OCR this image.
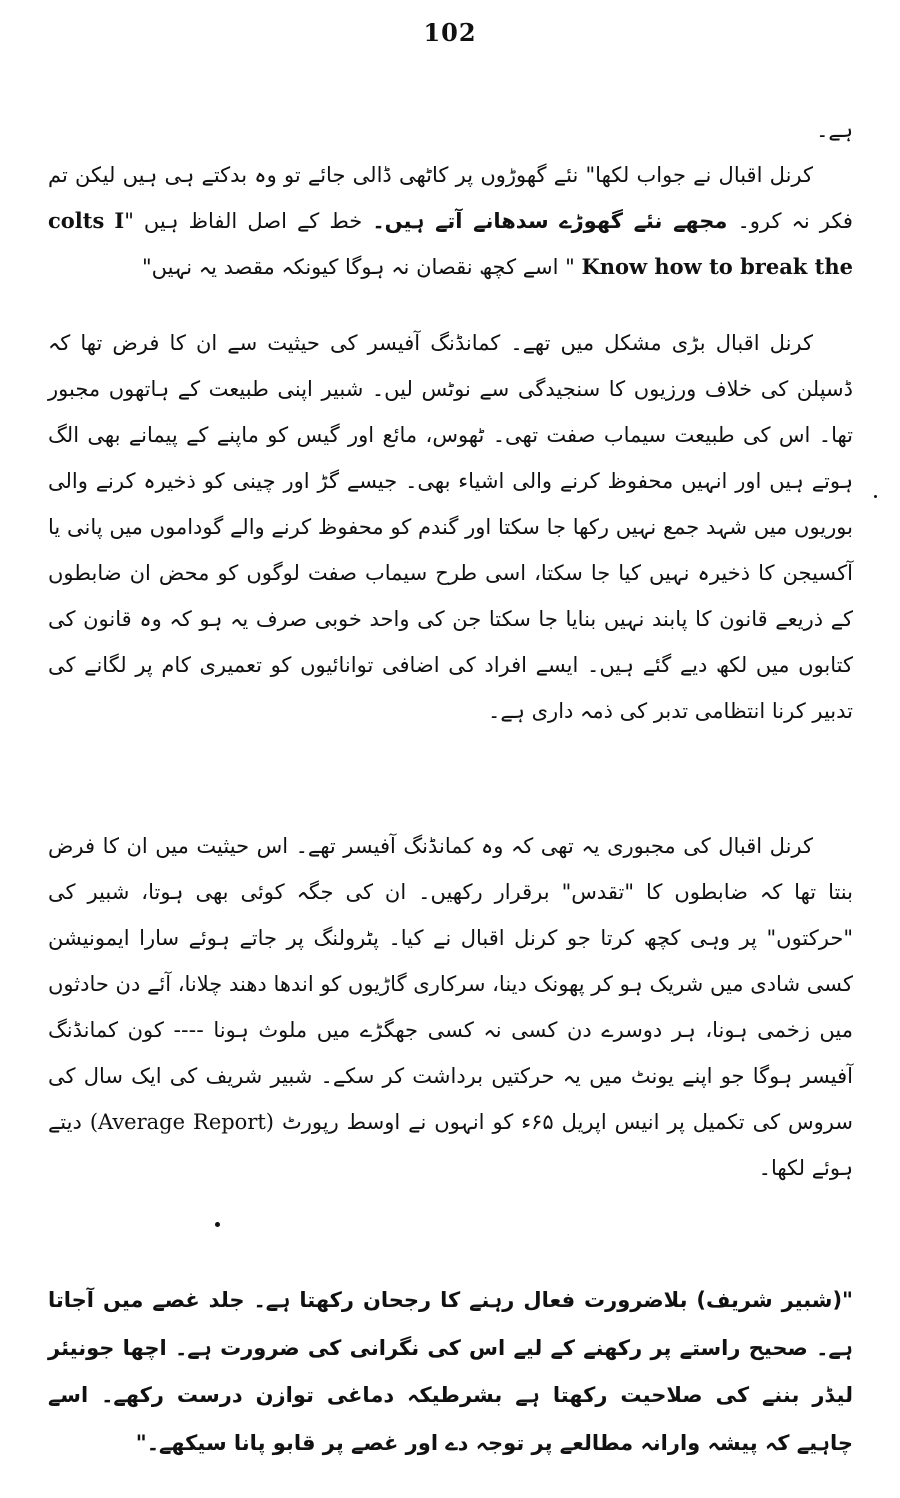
102

ہے۔

کرنل اقبال نے جواب لکھا" نئے گھوڑوں پر کاٹھی ڈالی جائے تو وہ بدکتے ہی ہیں لیکن تم فکر نہ کرو۔ مجھے نئے گھوڑے سدھانے آتے ہیں۔ خط کے اصل الفاظ ہیں "colts I Know how to break the " اسے کچھ نقصان نہ ہوگا کیونکہ مقصد یہ نہیں"

کرنل اقبال بڑی مشکل میں تھے۔ کمانڈنگ آفیسر کی حیثیت سے ان کا فرض تھا کہ ڈسپلن کی خلاف ورزیوں کا سنجیدگی سے نوٹس لیں۔ شبیر اپنی طبیعت کے ہاتھوں مجبور تھا۔ اس کی طبیعت سیماب صفت تھی۔ ٹھوس، مائع اور گیس کو ماپنے کے پیمانے بھی الگ ہوتے ہیں اور انہیں محفوظ کرنے والی اشیاء بھی۔ جیسے گڑ اور چینی کو ذخیرہ کرنے والی بوریوں میں شہد جمع نہیں رکھا جا سکتا اور گندم کو محفوظ کرنے والے گوداموں میں پانی یا آکسیجن کا ذخیرہ نہیں کیا جا سکتا، اسی طرح سیماب صفت لوگوں کو محض ان ضابطوں کے ذریعے قانون کا پابند نہیں بنایا جا سکتا جن کی واحد خوبی صرف یہ ہو کہ وہ قانون کی کتابوں میں لکھ دیے گئے ہیں۔ ایسے افراد کی اضافی توانائیوں کو تعمیری کام پر لگانے کی تدبیر کرنا انتظامی تدبر کی ذمہ داری ہے۔

کرنل اقبال کی مجبوری یہ تھی کہ وہ کمانڈنگ آفیسر تھے۔ اس حیثیت میں ان کا فرض بنتا تھا کہ ضابطوں کا "تقدس" برقرار رکھیں۔ ان کی جگہ کوئی بھی ہوتا، شبیر کی "حرکتوں" پر وہی کچھ کرتا جو کرنل اقبال نے کیا۔ پٹرولنگ پر جاتے ہوئے سارا ایمونیشن کسی شادی میں شریک ہو کر پھونک دینا، سرکاری گاڑیوں کو اندھا دھند چلانا، آئے دن حادثوں میں زخمی ہونا، ہر دوسرے دن کسی نہ کسی جھگڑے میں ملوث ہونا ---- کون کمانڈنگ آفیسر ہوگا جو اپنے یونٹ میں یہ حرکتیں برداشت کر سکے۔ شبیر شریف کی ایک سال کی سروس کی تکمیل پر انیس اپریل ۶۵ء کو انہوں نے اوسط رپورٹ (Average Report) دیتے ہوئے لکھا۔

"(شبیر شریف) بلاضرورت فعال رہنے کا رجحان رکھتا ہے۔ جلد غصے میں آجاتا ہے۔ صحیح راستے پر رکھنے کے لیے اس کی نگرانی کی ضرورت ہے۔ اچھا جونیئر لیڈر بننے کی صلاحیت رکھتا ہے بشرطیکہ دماغی توازن درست رکھے۔ اسے چاہیے کہ پیشہ وارانہ مطالعے پر توجہ دے اور غصے پر قابو پانا سیکھے۔"
